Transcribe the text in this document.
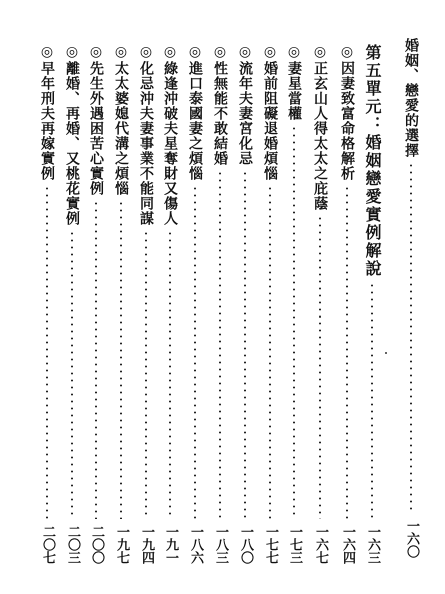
婚姻、戀愛的選擇
一六〇
第五單元：婚姻戀愛實例解說
一六三
◎因妻致富命格解析
一六四
◎正玄山人得太太之庇蔭
一六七
◎妻星當權
一七三
◎婚前阻礙退婚煩惱
一七七
◎流年夫妻宮化忌
一八〇
◎性無能不敢結婚
一八三
◎進口泰國妻之煩惱
一八六
◎綠逢沖破夫星奪財又傷人
一九一
◎化忌沖夫妻事業不能同謀
一九四
◎太太婆媳代溝之煩惱
一九七
◎先生外遇困苦心實例
二〇〇
◎離婚、再婚、又桃花實例
二〇三
◎早年刑夫再嫁實例
二〇七
